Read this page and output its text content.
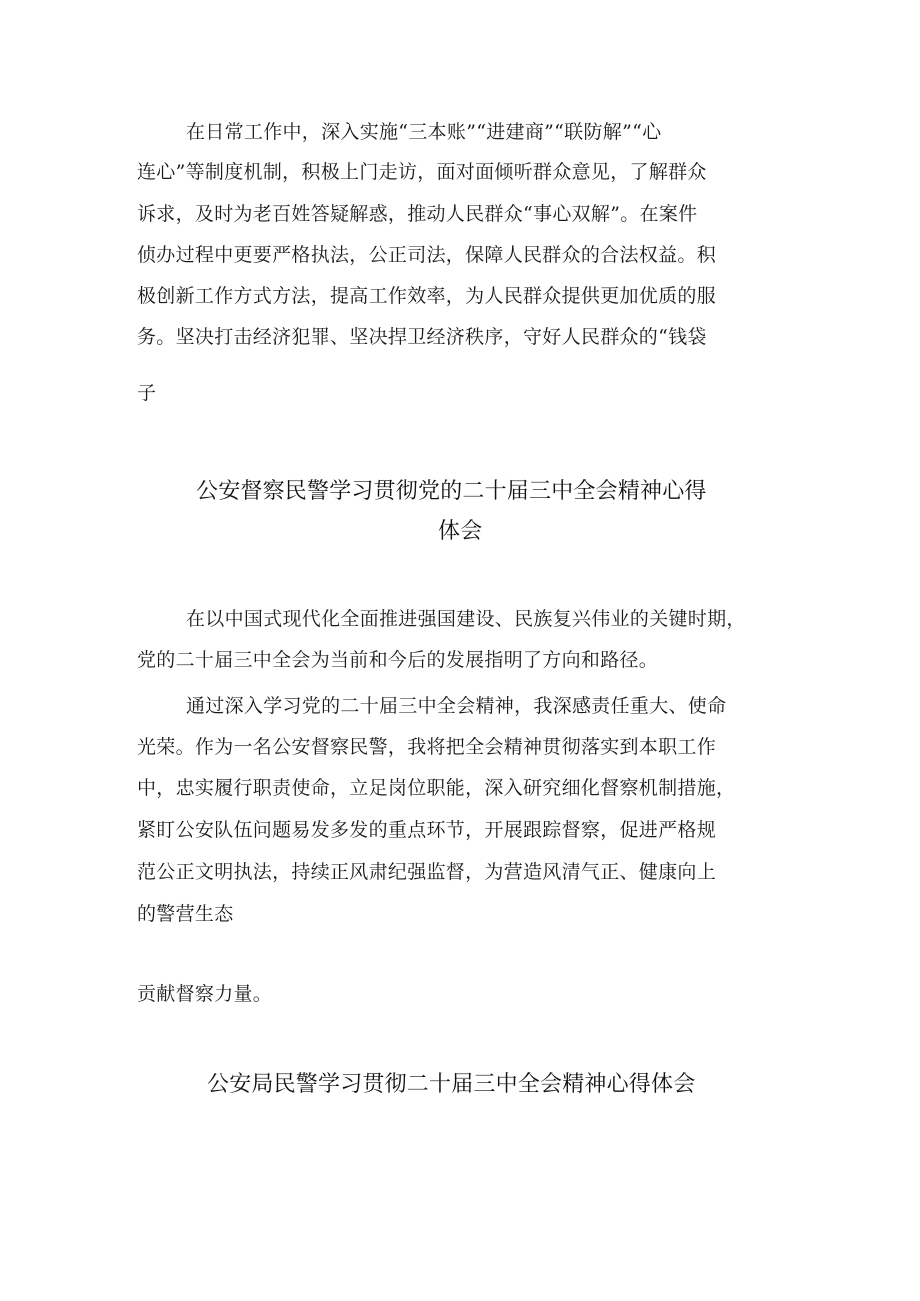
在日常工作中，深入实施“三本账”“进建商”“联防解”“心
连心”等制度机制，积极上门走访，面对面倾听群众意见，了解群众
诉求，及时为老百姓答疑解惑，推动人民群众“事心双解”。在案件
侦办过程中更要严格执法，公正司法，保障人民群众的合法权益。积
极创新工作方式方法，提高工作效率，为人民群众提供更加优质的服
务。坚决打击经济犯罪、坚决捍卫经济秩序，守好人民群众的“钱袋
子
公安督察民警学习贯彻党的二十届三中全会精神心得
体会
在以中国式现代化全面推进强国建设、民族复兴伟业的关键时期，
党的二十届三中全会为当前和今后的发展指明了方向和路径。
通过深入学习党的二十届三中全会精神，我深感责任重大、使命
光荣。作为一名公安督察民警，我将把全会精神贯彻落实到本职工作
中，忠实履行职责使命，立足岗位职能，深入研究细化督察机制措施，
紧盯公安队伍问题易发多发的重点环节，开展跟踪督察，促进严格规
范公正文明执法，持续正风肃纪强监督，为营造风清气正、健康向上
的警营生态
贡献督察力量。
公安局民警学习贯彻二十届三中全会精神心得体会
